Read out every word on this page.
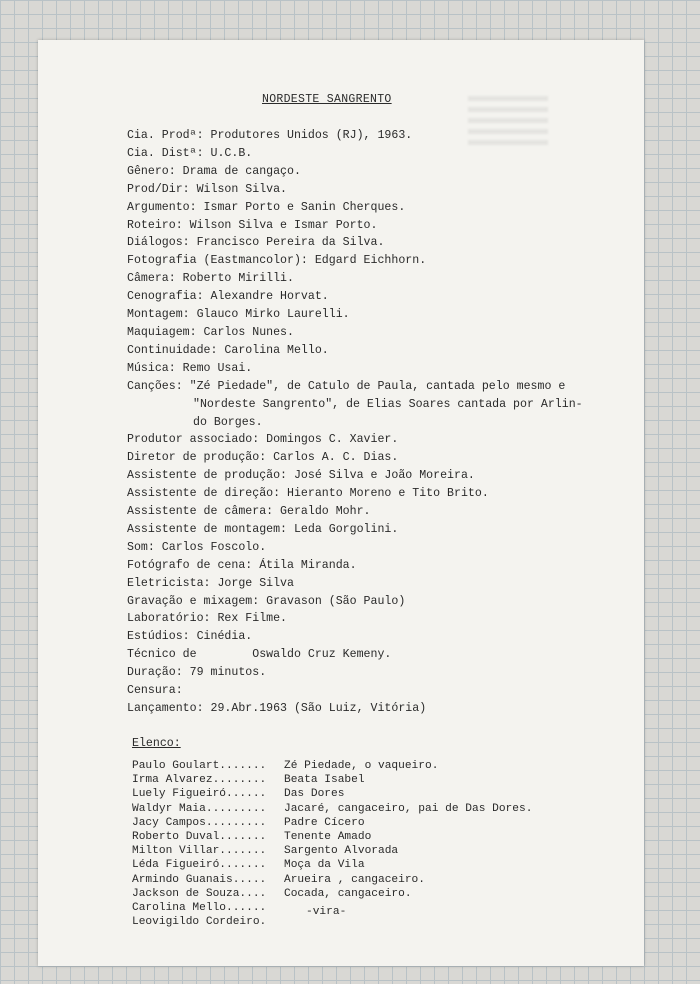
NORDESTE SANGRENTO
Cia. Prodª: Produtores Unidos (RJ), 1963.
Cia. Distª: U.C.B.
Gênero: Drama de cangaço.
Prod/Dir: Wilson Silva.
Argumento: Ismar Porto e Sanin Cherques.
Roteiro: Wilson Silva e Ismar Porto.
Diálogos: Francisco Pereira da Silva.
Fotografia (Eastmancolor): Edgard Eichhorn.
Câmera: Roberto Mirilli.
Cenografia: Alexandre Horvat.
Montagem: Glauco Mirko Laurelli.
Maquiagem: Carlos Nunes.
Continuidade: Carolina Mello.
Música: Remo Usai.
Canções: "Zé Piedade", de Catulo de Paula, cantada pelo mesmo e
"Nordeste Sangrento", de Elias Soares cantada por Arlin-
do Borges.
Produtor associado: Domingos C. Xavier.
Diretor de produção: Carlos A. C. Dias.
Assistente de produção: José Silva e João Moreira.
Assistente de direção: Hieranto Moreno e Tito Brito.
Assistente de câmera: Geraldo Mohr.
Assistente de montagem: Leda Gorgolini.
Som: Carlos Foscolo.
Fotógrafo de cena: Átila Miranda.
Eletricista: Jorge Silva
Gravação e mixagem: Gravason (São Paulo)
Laboratório: Rex Filme.
Estúdios: Cinédia.
Técnico de        Oswaldo Cruz Kemeny.
Duração: 79 minutos.
Censura:
Lançamento: 29.Abr.1963 (São Luiz, Vitória)
Elenco:
Paulo Goulart.......	Zé Piedade, o vaqueiro.
Irma Alvarez........	Beata Isabel
Luely Figueiró......	Das Dores
Waldyr Maia.........	Jacaré, cangaceiro, pai de Das Dores.
Jacy Campos.........	Padre Cícero
Roberto Duval.......	Tenente Amado
Milton Villar.......	Sargento Alvorada
Léda Figueiró.......	Moça da Vila
Armindo Guanais.....	Arueira , cangaceiro.
Jackson de Souza....	Cocada, cangaceiro.
Carolina Mello......
Leovigildo Cordeiro.
-vira-
